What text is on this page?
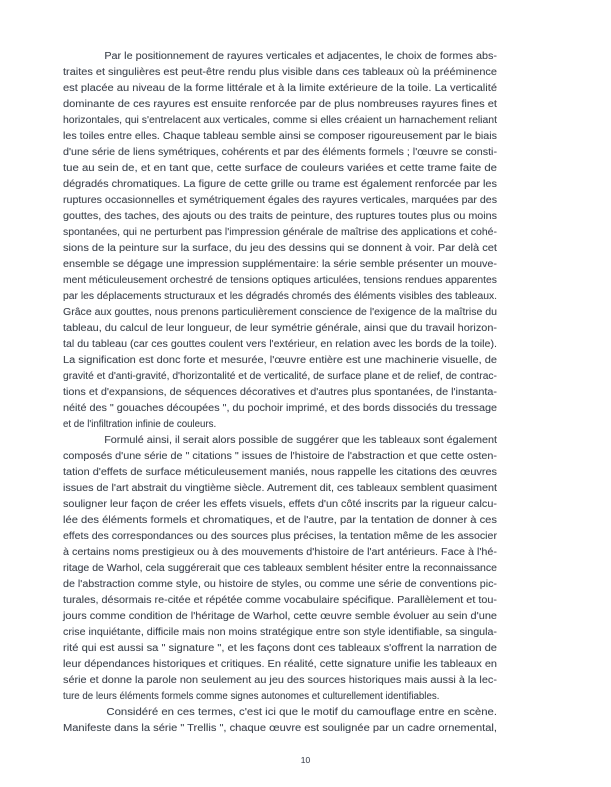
Par le positionnement de rayures verticales et adjacentes, le choix de formes abs-
traites et singulières est peut-être rendu plus visible dans ces tableaux où la prééminence
est placée au niveau de la forme littérale et à la limite extérieure de la toile. La verticalité
dominante de ces rayures est ensuite renforcée par de plus nombreuses rayures fines et
horizontales, qui s'entrelacent aux verticales, comme si elles créaient un harnachement reliant
les toiles entre elles. Chaque tableau semble ainsi se composer rigoureusement par le biais
d'une série de liens symétriques, cohérents et par des éléments formels ; l'œuvre se consti-
tue au sein de, et en tant que, cette surface de couleurs variées et cette trame faite de
dégradés chromatiques. La figure de cette grille ou trame est également renforcée par les
ruptures occasionnelles et symétriquement égales des rayures verticales, marquées par des
gouttes, des taches, des ajouts ou des traits de peinture, des ruptures toutes plus ou moins
spontanées, qui ne perturbent pas l'impression générale de maîtrise des applications et cohé-
sions de la peinture sur la surface, du jeu des dessins qui se donnent à voir. Par delà cet
ensemble se dégage une impression supplémentaire: la série semble présenter un mouve-
ment méticuleusement orchestré de tensions optiques articulées, tensions rendues apparentes
par les déplacements structuraux et les dégradés chromés des éléments visibles des tableaux.
Grâce aux gouttes, nous prenons particulièrement conscience de l'exigence de la maîtrise du
tableau, du calcul de leur longueur, de leur symétrie générale, ainsi que du travail horizon-
tal du tableau (car ces gouttes coulent vers l'extérieur, en relation avec les bords de la toile).
La signification est donc forte et mesurée, l'œuvre entière est une machinerie visuelle, de
gravité et d'anti-gravité, d'horizontalité et de verticalité, de surface plane et de relief, de contrac-
tions et d'expansions, de séquences décoratives et d'autres plus spontanées, de l'instanta-
néité des " gouaches découpées ", du pochoir imprimé, et des bords dissociés du tressage
et de l'infiltration infinie de couleurs.
Formulé ainsi, il serait alors possible de suggérer que les tableaux sont également
composés d'une série de " citations " issues de l'histoire de l'abstraction et que cette osten-
tation d'effets de surface méticuleusement maniés, nous rappelle les citations des œuvres
issues de l'art abstrait du vingtième siècle. Autrement dit, ces tableaux semblent quasiment
souligner leur façon de créer les effets visuels, effets d'un côté inscrits par la rigueur calcu-
lée des éléments formels et chromatiques, et de l'autre, par la tentation de donner à ces
effets des correspondances ou des sources plus précises, la tentation même de les associer
à certains noms prestigieux ou à des mouvements d'histoire de l'art antérieurs. Face à l'hé-
ritage de Warhol, cela suggérerait que ces tableaux semblent hésiter entre la reconnaissance
de l'abstraction comme style, ou histoire de styles, ou comme une série de conventions pic-
turales, désormais re-citée et répétée comme vocabulaire spécifique. Parallèlement et tou-
jours comme condition de l'héritage de Warhol, cette œuvre semble évoluer au sein d'une
crise inquiétante, difficile mais non moins stratégique entre son style identifiable, sa singula-
rité qui est aussi sa " signature ", et les façons dont ces tableaux s'offrent la narration de
leur dépendances historiques et critiques. En réalité, cette signature unifie les tableaux en
série et donne la parole non seulement au jeu des sources historiques mais aussi à la lec-
ture de leurs éléments formels comme signes autonomes et culturellement identifiables.
Considéré en ces termes, c'est ici que le motif du camouflage entre en scène.
Manifeste dans la série " Trellis ", chaque œuvre est soulignée par un cadre ornemental,
10
